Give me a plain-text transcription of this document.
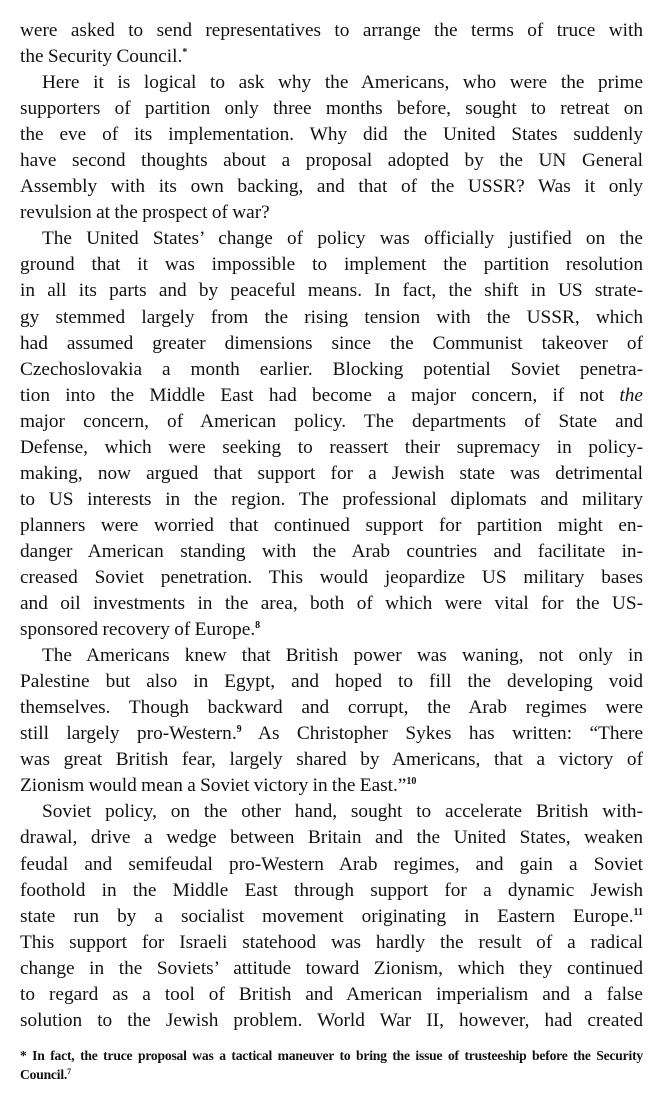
were asked to send representatives to arrange the terms of truce with
the Security Council.*
Here it is logical to ask why the Americans, who were the prime
supporters of partition only three months before, sought to retreat on
the eve of its implementation. Why did the United States suddenly
have second thoughts about a proposal adopted by the UN General
Assembly with its own backing, and that of the USSR? Was it only
revulsion at the prospect of war?
The United States’ change of policy was officially justified on the
ground that it was impossible to implement the partition resolution
in all its parts and by peaceful means. In fact, the shift in US strate-
gy stemmed largely from the rising tension with the USSR, which
had assumed greater dimensions since the Communist takeover of
Czechoslovakia a month earlier. Blocking potential Soviet penetra-
tion into the Middle East had become a major concern, if not the
major concern, of American policy. The departments of State and
Defense, which were seeking to reassert their supremacy in policy-
making, now argued that support for a Jewish state was detrimental
to US interests in the region. The professional diplomats and military
planners were worried that continued support for partition might en-
danger American standing with the Arab countries and facilitate in-
creased Soviet penetration. This would jeopardize US military bases
and oil investments in the area, both of which were vital for the US-
sponsored recovery of Europe.$^8$
The Americans knew that British power was waning, not only in
Palestine but also in Egypt, and hoped to fill the developing void
themselves. Though backward and corrupt, the Arab regimes were
still largely pro-Western.$^9$ As Christopher Sykes has written: “There
was great British fear, largely shared by Americans, that a victory of
Zionism would mean a Soviet victory in the East.”$^{10}$
Soviet policy, on the other hand, sought to accelerate British with-
drawal, drive a wedge between Britain and the United States, weaken
feudal and semifeudal pro-Western Arab regimes, and gain a Soviet
foothold in the Middle East through support for a dynamic Jewish
state run by a socialist movement originating in Eastern Europe.$^{11}$
This support for Israeli statehood was hardly the result of a radical
change in the Soviets’ attitude toward Zionism, which they continued
to regard as a tool of British and American imperialism and a false
solution to the Jewish problem. World War II, however, had created
* In fact, the truce proposal was a tactical maneuver to bring the issue of trusteeship before the Security
Council.$^7$
